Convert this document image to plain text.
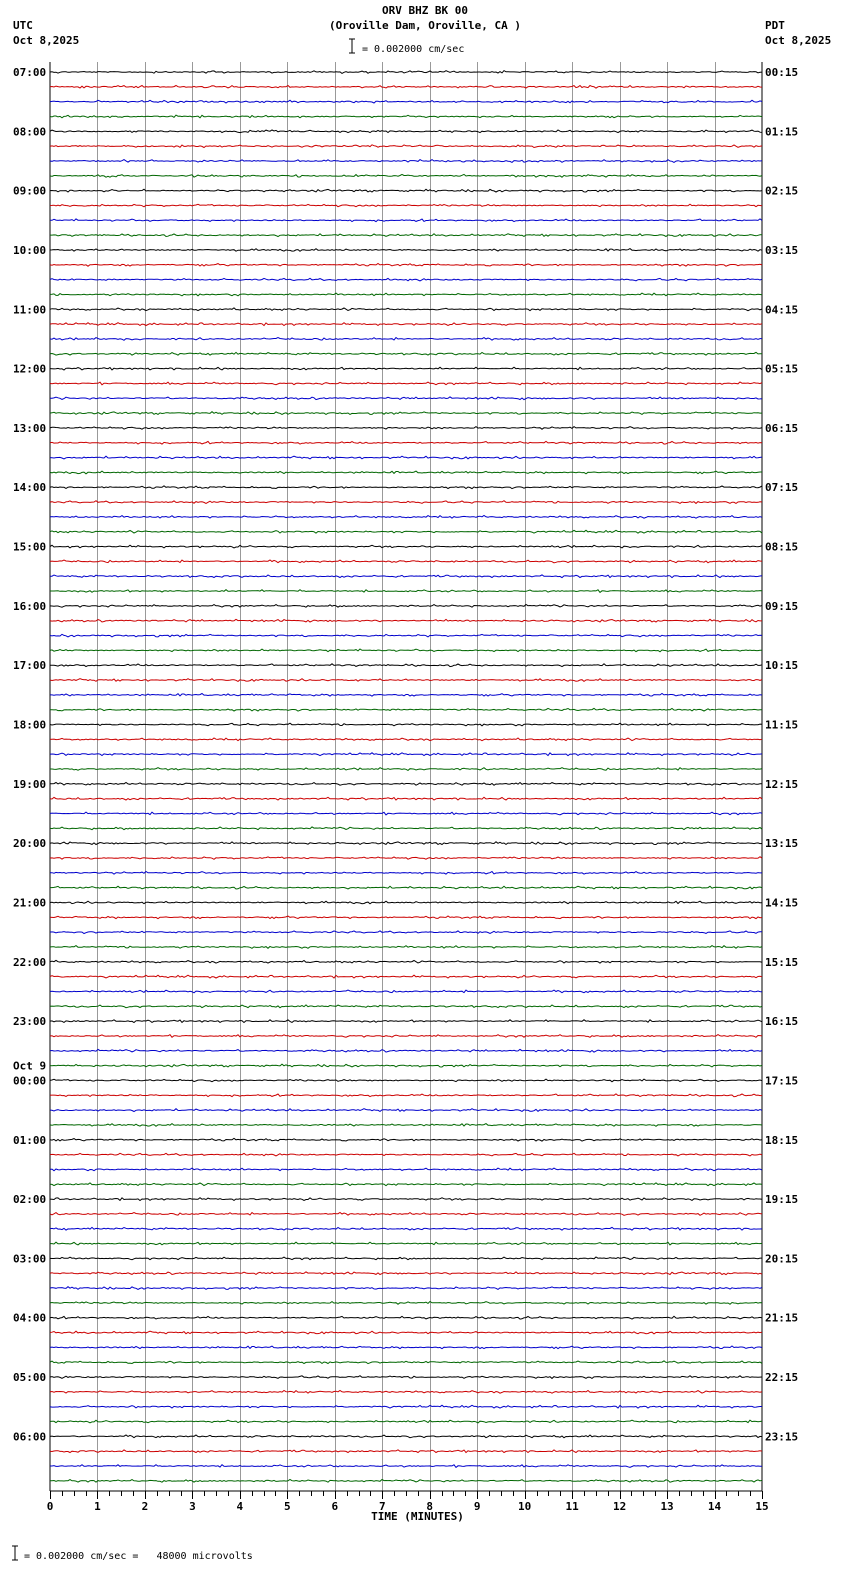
07:00
08:00
09:00
10:00
11:00
12:00
13:00
14:00
15:00
16:00
17:00
18:00
19:00
20:00
21:00
22:00
23:00
00:00
01:00
02:00
03:00
04:00
05:00
06:00
00:15
01:15
02:15
03:15
04:15
05:15
06:15
07:15
08:15
09:15
10:15
11:15
12:15
13:15
14:15
15:15
16:15
17:15
18:15
19:15
20:15
21:15
22:15
23:15
Oct 9
0	1	2	3	4	5	6	7	8	9	10	11	12	13	14	15
ORV BHZ BK 00
(Oroville Dam, Oroville, CA )
UTC
Oct 8,2025
PDT
Oct 8,2025
= 0.002000 cm/sec
TIME (MINUTES)
= 0.002000 cm/sec =   48000 microvolts
